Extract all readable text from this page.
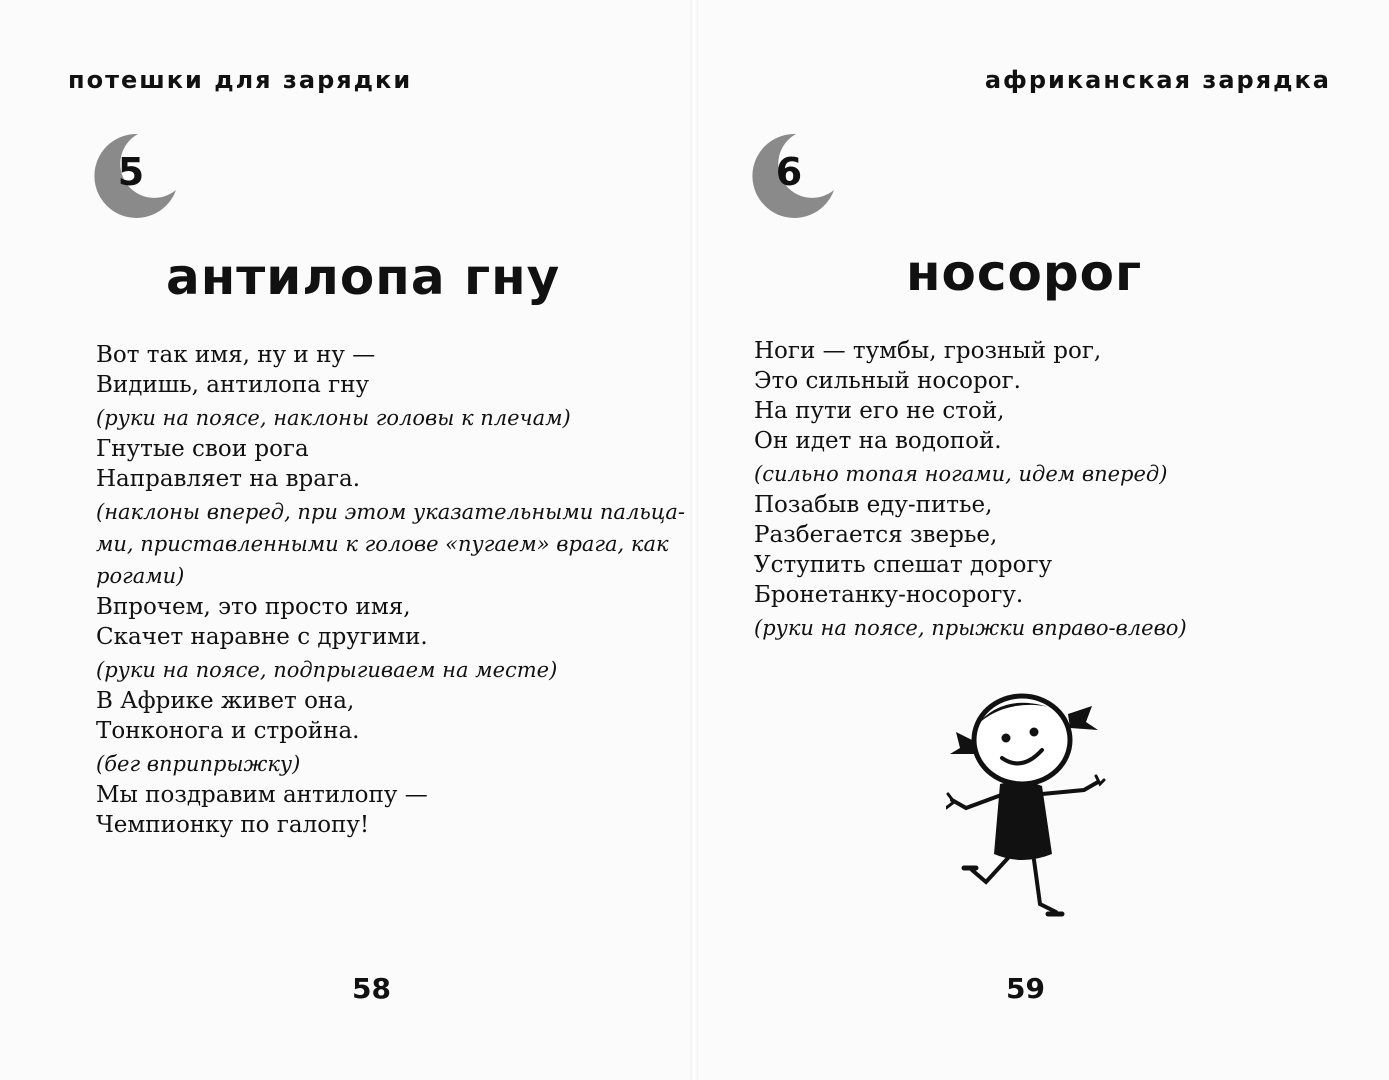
потешки для зарядки
5
антилопа гну
Вот так имя, ну и ну —
Видишь, антилопа гну
(руки на поясе, наклоны головы к плечам)
Гнутые свои рога
Направляет на врага.
(наклоны вперед, при этом указательными пальца-
ми, приставленными к голове «пугаем» врага, как
рогами)
Впрочем, это просто имя,
Скачет наравне с другими.
(руки на поясе, подпрыгиваем на месте)
В Африке живет она,
Тонконога и стройна.
(бег вприпрыжку)
Мы поздравим антилопу —
Чемпионку по галопу!
58
африканская зарядка
6
носорог
Ноги — тумбы, грозный рог,
Это сильный носорог.
На пути его не стой,
Он идет на водопой.
(сильно топая ногами, идем вперед)
Позабыв еду-питье,
Разбегается зверье,
Уступить спешат дорогу
Бронетанку-носорогу.
(руки на поясе, прыжки вправо-влево)
59
